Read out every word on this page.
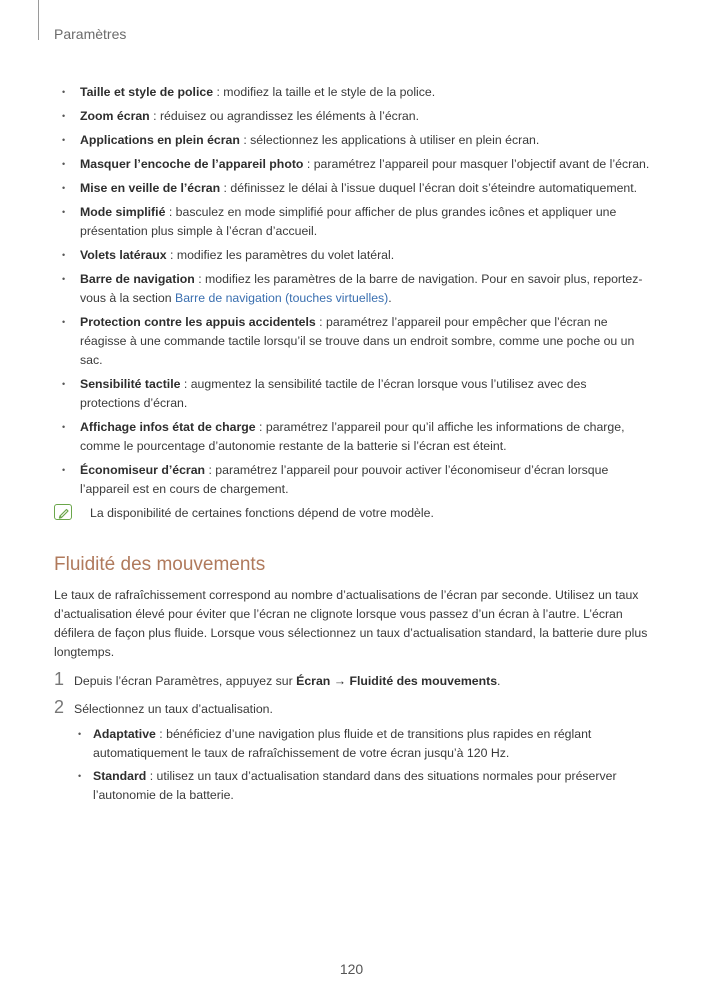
Paramètres
• Taille et style de police : modifiez la taille et le style de la police.
• Zoom écran : réduisez ou agrandissez les éléments à l’écran.
• Applications en plein écran : sélectionnez les applications à utiliser en plein écran.
• Masquer l’encoche de l’appareil photo : paramétrez l’appareil pour masquer l’objectif avant de l’écran.
• Mise en veille de l’écran : définissez le délai à l’issue duquel l’écran doit s’éteindre automatiquement.
• Mode simplifié : basculez en mode simplifié pour afficher de plus grandes icônes et appliquer une présentation plus simple à l’écran d’accueil.
• Volets latéraux : modifiez les paramètres du volet latéral.
• Barre de navigation : modifiez les paramètres de la barre de navigation. Pour en savoir plus, reportez-vous à la section Barre de navigation (touches virtuelles).
• Protection contre les appuis accidentels : paramétrez l’appareil pour empêcher que l’écran ne réagisse à une commande tactile lorsqu’il se trouve dans un endroit sombre, comme une poche ou un sac.
• Sensibilité tactile : augmentez la sensibilité tactile de l’écran lorsque vous l’utilisez avec des protections d’écran.
• Affichage infos état de charge : paramétrez l’appareil pour qu’il affiche les informations de charge, comme le pourcentage d’autonomie restante de la batterie si l’écran est éteint.
• Économiseur d’écran : paramétrez l’appareil pour pouvoir activer l’économiseur d’écran lorsque l’appareil est en cours de chargement.
La disponibilité de certaines fonctions dépend de votre modèle.
Fluidité des mouvements

Le taux de rafraîchissement correspond au nombre d’actualisations de l’écran par seconde. Utilisez un taux d’actualisation élevé pour éviter que l’écran ne clignote lorsque vous passez d’un écran à l’autre. L’écran défilera de façon plus fluide. Lorsque vous sélectionnez un taux d’actualisation standard, la batterie dure plus longtemps.

1 Depuis l’écran Paramètres, appuyez sur Écran → Fluidité des mouvements.
2 Sélectionnez un taux d’actualisation.
• Adaptative : bénéficiez d’une navigation plus fluide et de transitions plus rapides en réglant automatiquement le taux de rafraîchissement de votre écran jusqu’à 120 Hz.
• Standard : utilisez un taux d’actualisation standard dans des situations normales pour préserver l’autonomie de la batterie.
120
